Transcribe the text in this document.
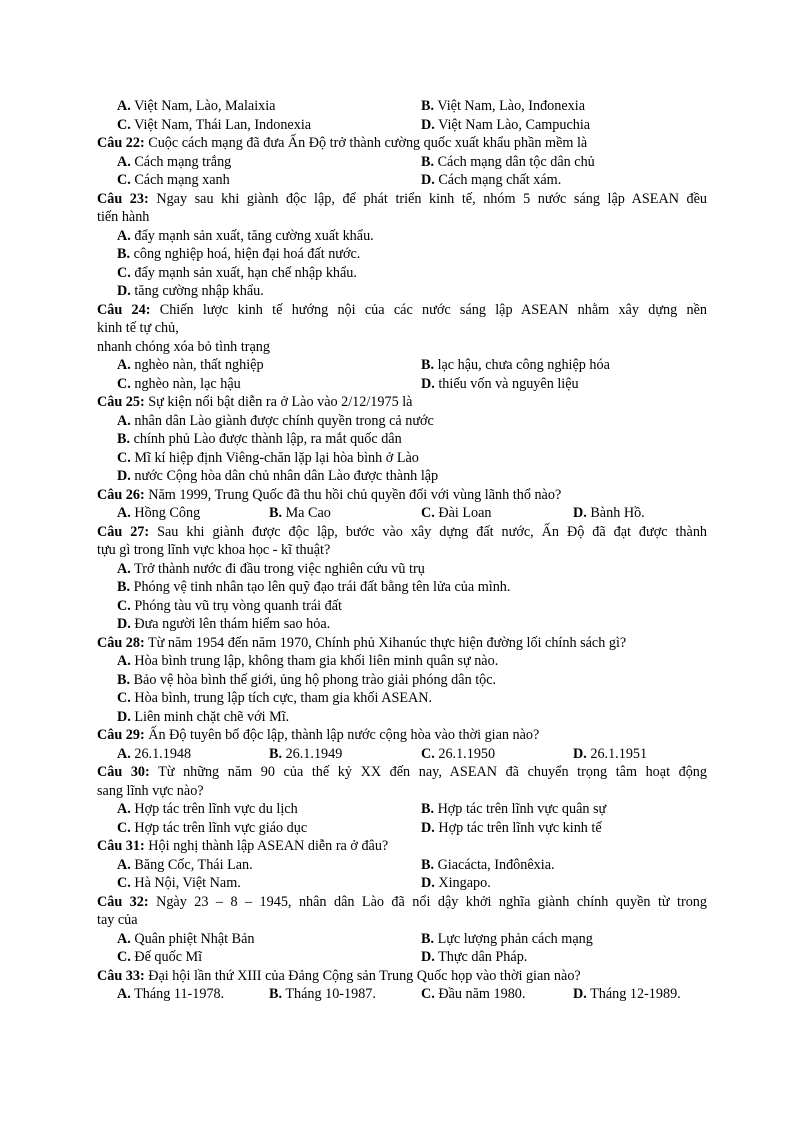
A. Việt Nam, Lào, Malaixia	B. Việt Nam, Lào, Inđonexia
C. Việt Nam, Thái Lan, Indonexia	D. Việt Nam Lào, Campuchia
Câu 22: Cuộc cách mạng đã đưa Ấn Độ trở thành cường quốc xuất khẩu phần mềm là
A. Cách mạng trắng	B. Cách mạng dân tộc dân chủ
C. Cách mạng xanh	D. Cách mạng chất xám.
Câu 23: Ngay sau khi giành độc lập, để phát triển kinh tế, nhóm 5 nước sáng lập ASEAN đều
tiến hành
A. đẩy mạnh sản xuất, tăng cường xuất khẩu.
B. công nghiệp hoá, hiện đại hoá đất nước.
C. đẩy mạnh sản xuất, hạn chế nhập khẩu.
D. tăng cường nhập khẩu.
Câu 24: Chiến lược kinh tế hướng nội của các nước sáng lập ASEAN nhằm xây dựng nền
kinh tế tự chủ,
nhanh chóng xóa bỏ tình trạng
A. nghèo nàn, thất nghiệp	B. lạc hậu, chưa công nghiệp hóa
C. nghèo nàn, lạc hậu	D. thiếu vốn và nguyên liệu
Câu 25: Sự kiện nổi bật diễn ra ở Lào vào 2/12/1975 là
A. nhân dân Lào giành được chính quyền trong cả nước
B. chính phủ Lào được thành lập, ra mắt quốc dân
C. Mĩ kí hiệp định Viêng-chăn lặp lại hòa bình ở Lào
D. nước Cộng hòa dân chủ nhân dân Lào được thành lập
Câu 26: Năm 1999, Trung Quốc đã thu hồi chủ quyền đối với vùng lãnh thổ nào?
A. Hồng Công	B. Ma Cao	C. Đài Loan	D. Bành Hồ.
Câu 27: Sau khi giành được độc lập, bước vào xây dựng đất nước, Ấn Độ đã đạt được thành
tựu gì trong lĩnh vực khoa học - kĩ thuật?
A. Trở thành nước đi đầu trong việc nghiên cứu vũ trụ
B. Phóng vệ tinh nhân tạo lên quỹ đạo trái đất bằng tên lửa của mình.
C. Phóng tàu vũ trụ vòng quanh trái đất
D. Đưa người lên thám hiểm sao hỏa.
Câu 28: Từ năm 1954 đến năm 1970, Chính phủ Xihanúc thực hiện đường lối chính sách gì?
A. Hòa bình trung lập, không tham gia khối liên minh quân sự nào.
B. Bảo vệ hòa bình thế giới, ủng hộ phong trào giải phóng dân tộc.
C. Hòa bình, trung lập tích cực, tham gia khối ASEAN.
D. Liên minh chặt chẽ với Mĩ.
Câu 29: Ấn Độ tuyên bố độc lập, thành lập nước cộng hòa vào thời gian nào?
A. 26.1.1948	B. 26.1.1949	C. 26.1.1950	D. 26.1.1951
Câu 30: Từ những năm 90 của thế kỷ XX đến nay, ASEAN đã chuyển trọng tâm hoạt động
sang lĩnh vực nào?
A. Hợp tác trên lĩnh vực du lịch	B. Hợp tác trên lĩnh vực quân sự
C. Hợp tác trên lĩnh vực giáo dục	D. Hợp tác trên lĩnh vực kinh tế
Câu 31: Hội nghị thành lập ASEAN diễn ra ở đâu?
A. Băng Cốc, Thái Lan.	B. Giacácta, Inđônêxia.
C. Hà Nội, Việt Nam.	D. Xingapo.
Câu 32: Ngày 23 – 8 – 1945, nhân dân Lào đã nổi dậy khởi nghĩa giành chính quyền từ trong
tay của
A. Quân phiệt Nhật Bản	B. Lực lượng phản cách mạng
C. Đế quốc Mĩ	D. Thực dân Pháp.
Câu 33: Đại hội lần thứ XIII của Đảng Cộng sản Trung Quốc họp vào thời gian nào?
A. Tháng 11-1978.	B. Tháng 10-1987.	C. Đầu năm 1980.	D. Tháng 12-1989.
